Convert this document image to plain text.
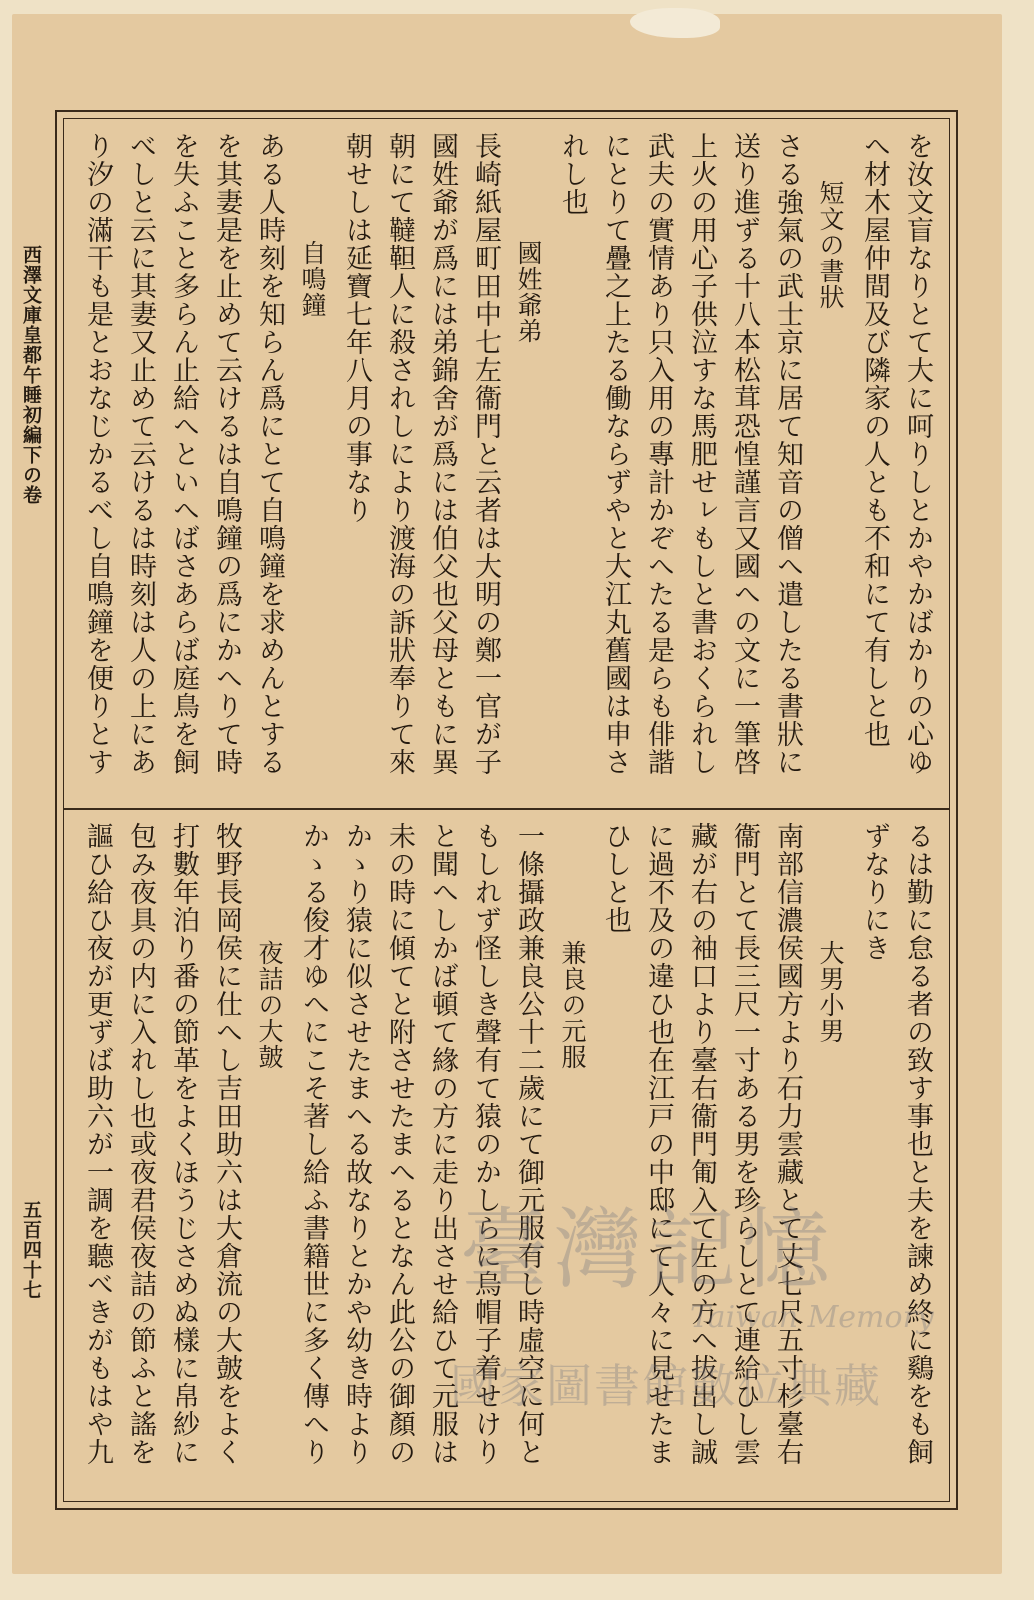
西澤文庫皇都午睡初編下の卷
五百四十七
を汝文盲なりとて大に呵りしとかやかばかりの心ゆ
へ材木屋仲間及び隣家の人とも不和にて有しと也
短文の書狀
さる強氣の武士京に居て知音の僧へ遣したる書狀に
送り進ずる十八本松茸恐惶謹言又國への文に一筆啓
上火の用心子供泣すな馬肥せㇾもしと書おくられし
武夫の實情あり只入用の專計かぞへたる是らも俳諧
にとりて疊之上たる働ならずやと大江丸舊國は申さ
れし也
國姓爺弟
長崎紙屋町田中七左衞門と云者は大明の鄭一官が子
國姓爺が爲には弟錦舍が爲には伯父也父母ともに異
朝にて韃靼人に殺されしにより渡海の訴狀奉りて來
朝せしは延寶七年八月の事なり
自鳴鐘
ある人時刻を知らん爲にとて自鳴鐘を求めんとする
を其妻是を止めて云けるは自鳴鐘の爲にかへりて時
を失ふこと多らん止給へといへばさあらば庭鳥を飼
べしと云に其妻又止めて云けるは時刻は人の上にあ
り汐の滿干も是とおなじかるべし自鳴鐘を便りとす
るは勤に怠る者の致す事也と夫を諫め終に鷄をも飼
ずなりにき
大男小男
南部信濃侯國方より石力雲藏とて丈七尺五寸杉臺右
衞門とて長三尺一寸ある男を珍らしとて連給ひし雲
藏が右の袖口より臺右衞門匍入て左の方へ拔出し誠
に過不及の違ひ也在江戸の中邸にて人々に見せたま
ひしと也
兼良の元服
一條攝政兼良公十二歲にて御元服有し時虛空に何と
もしれず怪しき聲有て猿のかしらに烏帽子着せけり
と聞へしかば頓て緣の方に走り出させ給ひて元服は
未の時に傾てと附させたまへるとなん此公の御顏の
かゝり猿に似させたまへる故なりとかや幼き時より
かゝる俊才ゆへにこそ著し給ふ書籍世に多く傳へり
夜詰の大皷
牧野長岡侯に仕へし吉田助六は大倉流の大皷をよく
打數年泊り番の節革をよくほうじさめぬ樣に帛紗に
包み夜具の内に入れし也或夜君侯夜詰の節ふと謠を
謳ひ給ひ夜が更ずば助六が一調を聽べきがもはや九	臺灣記憶
Taiwan Memory
國家圖書館數位典藏
